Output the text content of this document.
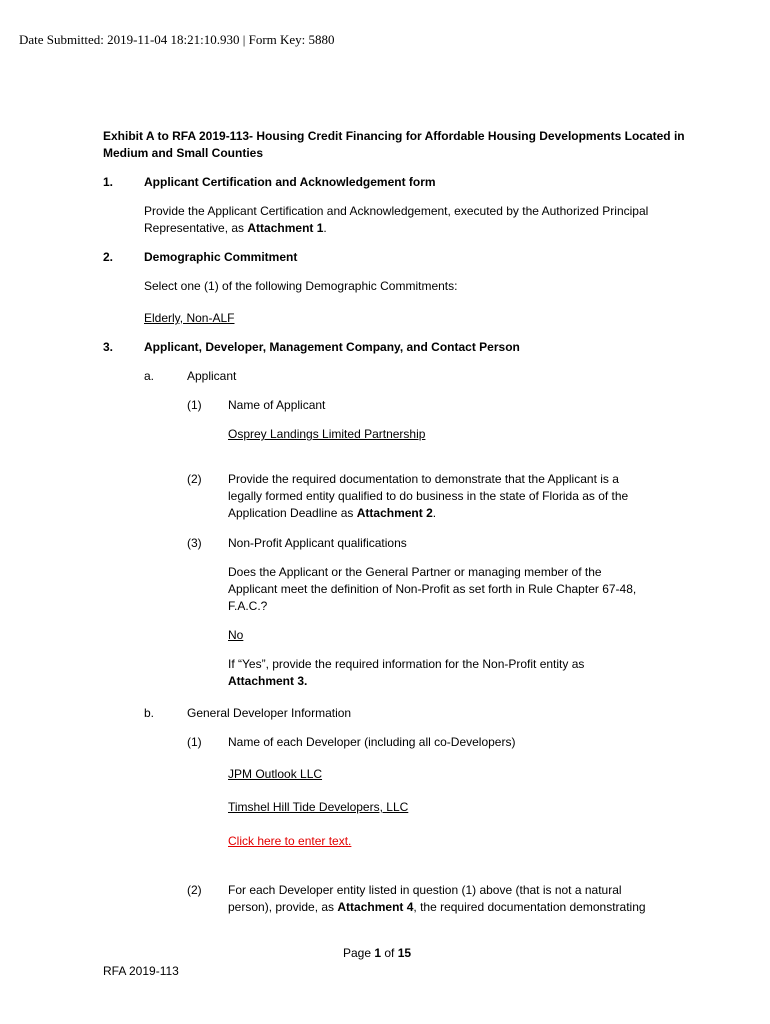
Date Submitted: 2019-11-04 18:21:10.930 | Form Key: 5880
Exhibit A to RFA 2019-113- Housing Credit Financing for Affordable Housing Developments Located in
Medium and Small Counties
1.	Applicant Certification and Acknowledgement form
Provide the Applicant Certification and Acknowledgement, executed by the Authorized Principal
Representative, as Attachment 1.
2.	Demographic Commitment
Select one (1) of the following Demographic Commitments:
Elderly, Non-ALF
3.	Applicant, Developer, Management Company, and Contact Person
a.	Applicant
(1) Name of Applicant
Osprey Landings Limited Partnership
(2) Provide the required documentation to demonstrate that the Applicant is a
legally formed entity qualified to do business in the state of Florida as of the
Application Deadline as Attachment 2.
(3) Non-Profit Applicant qualifications
Does the Applicant or the General Partner or managing member of the
Applicant meet the definition of Non-Profit as set forth in Rule Chapter 67-48,
F.A.C.?
No
If “Yes”, provide the required information for the Non-Profit entity as
Attachment 3.
b.	General Developer Information
(1) Name of each Developer (including all co-Developers)
JPM Outlook LLC
Timshel Hill Tide Developers, LLC
Click here to enter text.
(2) For each Developer entity listed in question (1) above (that is not a natural
person), provide, as Attachment 4, the required documentation demonstrating
Page 1 of 15
RFA 2019-113
